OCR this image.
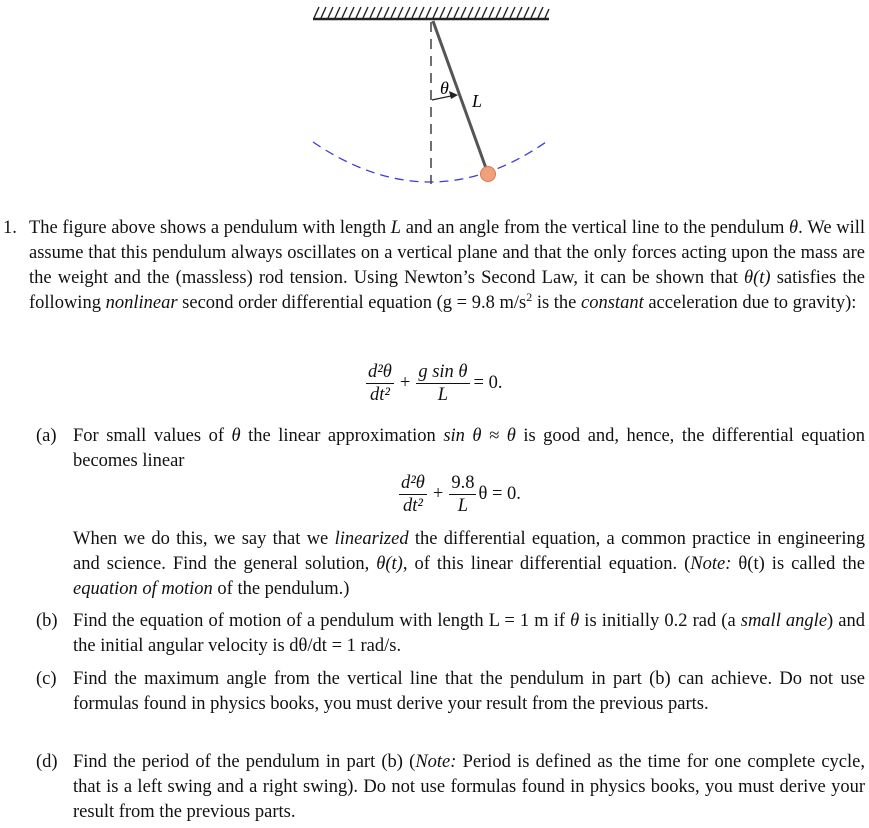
θ
L
1. The figure above shows a pendulum with length L and an angle from the vertical line to the pendulum θ. We will assume that this pendulum always oscillates on a vertical plane and that the only forces acting upon the mass are the weight and the (massless) rod tension. Using Newton’s Second Law, it can be shown that θ(t) satisfies the following nonlinear second order differential equation (g = 9.8 $m/s^2$ is the constant acceleration due to gravity):

$\frac{\text{d²θ}}{\text{dt²}} + \frac{\text{g sin θ}}{L} = 0$.
(a) For small values of θ the linear approximation sin θ ≈ θ is good and, hence, the differential equation becomes linear

$\frac{\text{d²θ}}{\text{dt²}} + \frac{9.8}{L}$ θ = 0.

When we do this, we say that we linearized the differential equation, a common practice in engineering and science. Find the general solution, θ(t), of this linear differential equation. (Note: θ(t) is called the equation of motion of the pendulum.)

(b) Find the equation of motion of a pendulum with length L = 1 m if θ is initially 0.2 rad (a small angle) and the initial angular velocity is dθ/dt = 1 rad/s.

(c) Find the maximum angle from the vertical line that the pendulum in part (b) can achieve. Do not use formulas found in physics books, you must derive your result from the previous parts.

(d) Find the period of the pendulum in part (b) (Note: Period is defined as the time for one complete cycle, that is a left swing and a right swing). Do not use formulas found in physics books, you must derive your result from the previous parts.
